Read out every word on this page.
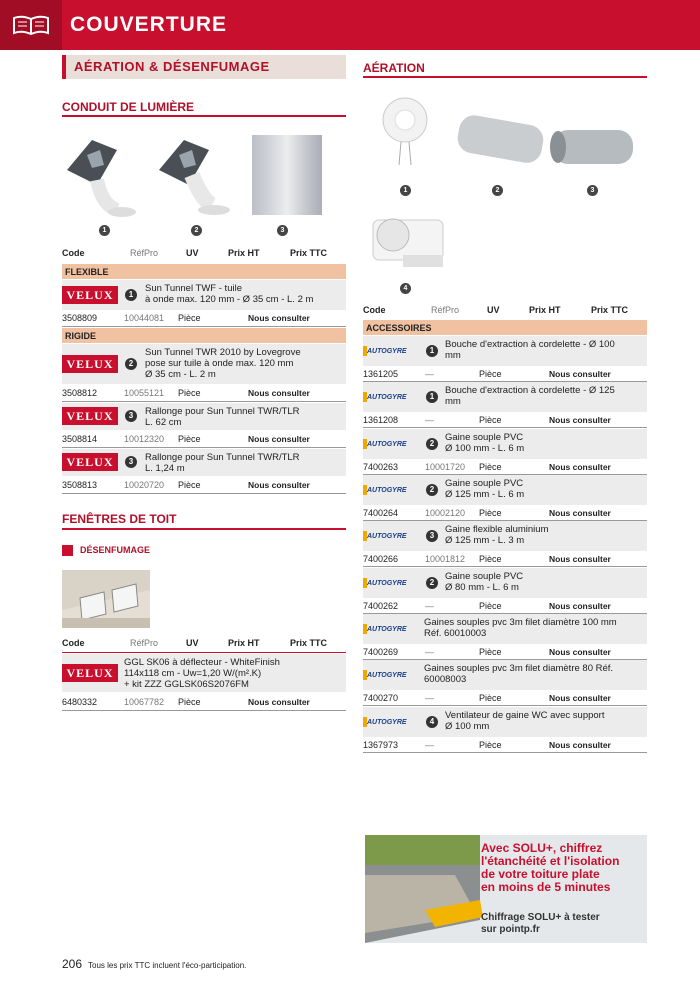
COUVERTURE
AÉRATION & DÉSENFUMAGE
CONDUIT DE LUMIÈRE
1	2	3
Code	RéfPro	UV	Prix HT	Prix TTC
FLEXIBLE
VELUX	1
Sun Tunnel TWF - tuile
à onde max. 120 mm - Ø 35 cm - L. 2 m
3508809	10044081 Pièce	Nous consulter
RIGIDE
VELUX	2
Sun Tunnel TWR 2010 by Lovegrove
pose sur tuile à onde max. 120 mm
Ø 35 cm - L. 2 m
3508812	10055121 Pièce	Nous consulter
VELUX	3	Rallonge pour Sun Tunnel TWR/TLR
L. 62 cm
3508814	10012320 Pièce	Nous consulter
VELUX	3	Rallonge pour Sun Tunnel TWR/TLR
L. 1,24 m
3508813	10020720 Pièce	Nous consulter
FENÊTRES DE TOIT
DÉSENFUMAGE
Code	RéfPro	UV	Prix HT	Prix TTC
VELUX
GGL SK06 à déflecteur - WhiteFinish
114x118 cm - Uw=1,20 W/(m².K)
+ kit ZZZ GGLSK06S2076FM
6480332	10067782 Pièce	Nous consulter
AÉRATION
1	2	3
4
Code	RéfPro	UV	Prix HT	Prix TTC
ACCESSOIRES
AUTOGYRE	1
Bouche d'extraction à cordelette - Ø 100
mm
1361205	—	Pièce	Nous consulter
AUTOGYRE	1
Bouche d'extraction à cordelette - Ø 125
mm
1361208	—	Pièce	Nous consulter
AUTOGYRE	2
Gaine souple PVC
Ø 100 mm - L. 6 m
7400263	10001720 Pièce	Nous consulter
AUTOGYRE	2
Gaine souple PVC
Ø 125 mm - L. 6 m
7400264	10002120 Pièce	Nous consulter
AUTOGYRE	3
Gaine flexible aluminium
Ø 125 mm - L. 3 m
7400266	10001812 Pièce	Nous consulter
AUTOGYRE	2
Gaine souple PVC
Ø 80 mm - L. 6 m
7400262	—	Pièce	Nous consulter
AUTOGYRE
Gaines souples pvc 3m filet diamètre 100 mm
Réf. 60010003
7400269	—	Pièce	Nous consulter
AUTOGYRE
Gaines souples pvc 3m filet diamètre 80 Réf.
60008003
7400270	—	Pièce	Nous consulter
AUTOGYRE	4
Ventilateur de gaine WC avec support
Ø 100 mm
1367973	—	Pièce	Nous consulter
Avec SOLU+, chiffrez
l'étanchéité et l'isolation
de votre toiture plate
en moins de 5 minutes
Chiffrage SOLU+ à tester
sur pointp.fr
206 Tous les prix TTC incluent l'éco-participation.
